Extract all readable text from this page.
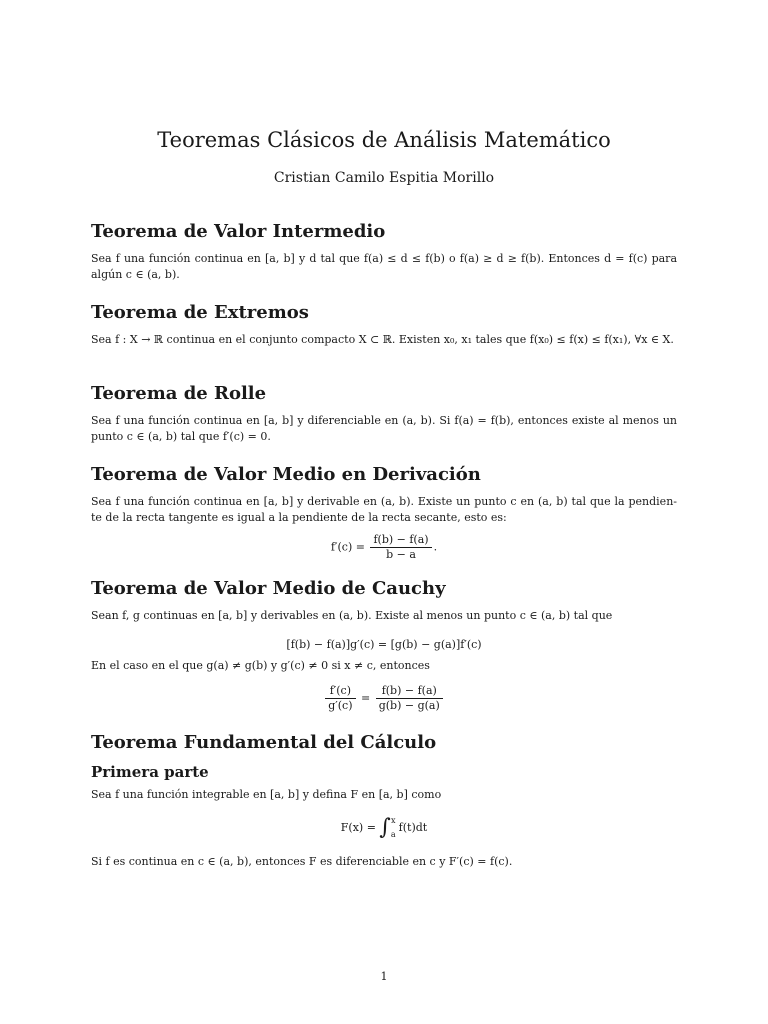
Teoremas Clásicos de Análisis Matemático
Cristian Camilo Espitia Morillo
Teorema de Valor Intermedio
Sea f una función continua en [a, b] y d tal que f(a) ≤ d ≤ f(b) o f(a) ≥ d ≥ f(b). Entonces d = f(c) para algún c ∈ (a, b).
Teorema de Extremos
Sea f : X → ℝ continua en el conjunto compacto X ⊂ ℝ. Existen x₀, x₁ tales que f(x₀) ≤ f(x) ≤ f(x₁), ∀x ∈ X.
Teorema de Rolle
Sea f una función continua en [a, b] y diferenciable en (a, b). Si f(a) = f(b), entonces existe al menos un punto c ∈ (a, b) tal que f′(c) = 0.
Teorema de Valor Medio en Derivación
Sea f una función continua en [a, b] y derivable en (a, b). Existe un punto c en (a, b) tal que la pendien-te de la recta tangente es igual a la pendiente de la recta secante, esto es:
$f'(c) = \frac{f(b) - f(a)}{b - a}$ .
Teorema de Valor Medio de Cauchy
Sean f, g continuas en [a, b] y derivables en (a, b). Existe al menos un punto c ∈ (a, b) tal que
[f(b) − f(a)]g′(c) = [g(b) − g(a)]f′(c)
En el caso en el que g(a) ≠ g(b) y g′(c) ≠ 0 si x ≠ c, entonces
$\frac{f'(c)}{g'(c)} = \frac{f(b) - f(a)}{g(b) - g(a)}$
Teorema Fundamental del Cálculo
Primera parte
Sea f una función integrable en [a, b] y defina F en [a, b] como
F(x) = ∫ x
a
f(t)dt
Si f es continua en c ∈ (a, b), entonces F es diferenciable en c y F′(c) = f(c).
1
